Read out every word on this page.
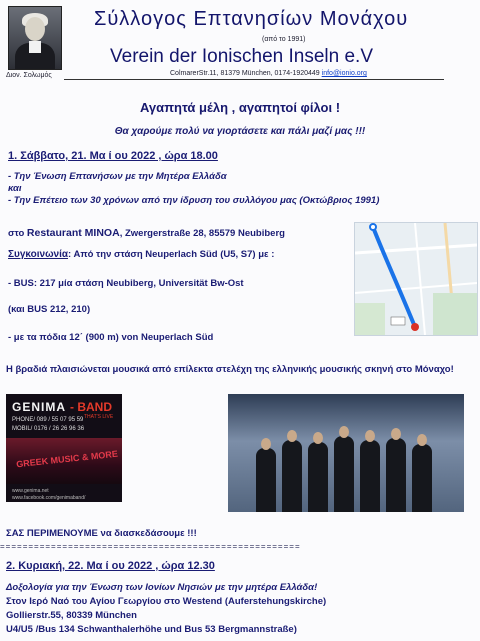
Διον. Σολωμός
Σύλλογος Επτανησίων Μονάχου
(από το 1991)
Verein der Ionischen Inseln e.V
ColmarerStr.11, 81379 München, 0174-1920449 info@ionio.org
Αγαπητά μέλη , αγαπητοί φίλοι !
Θα χαρούμε πολύ να γιορτάσετε και πάλι μαζί μας !!!
1. Σάββατο, 21. Μα ί ου 2022 , ώρα 18.00
- Την Ένωση Επτανήσων με την Μητέρα Ελλάδα
και
- Την Επέτειο των 30 χρόνων από την ίδρυση του συλλόγου μας (Οκτώβριος 1991)
στο Restaurant MINOA, Zwergerstraße 28, 85579 Neubiberg
Συγκοινωνία: Από την στάση Neuperlach Süd (U5, S7) με :
- BUS: 217 μία στάση Neubiberg, Universität Bw-Ost
(και BUS 212, 210)
- με τα πόδια 12΄ (900 m) von Neuperlach Süd
Η βραδιά πλαισιώνεται μουσικά από επίλεκτα στελέχη της ελληνικής μουσικής σκηνή στο Μόναχο!
GENIMA - BAND
THAT'S LIVE
PHONE/ 089 / 55 07 95 59
MOBIL/ 0176 / 26 26 96 36
GREEK MUSIC & MORE
www.genima.net
www.facebook.com/genimaband/
ΣΑΣ ΠΕΡΙΜΕΝΟΥΜΕ να διασκεδάσουμε !!!
=====================================================
2. Κυριακή, 22. Μα ί ου 2022 , ώρα 12.30
Δοξολογία για την Ένωση των Ιονίων Νησιών με την μητέρα Ελλάδα!
Στον Ιερό Ναό του Αγίου Γεωργίου στο Westend (Auferstehungskirche)
Gollierstr.55, 80339 München
U4/U5 /Bus 134 Schwanthalerhöhe und Bus 53 Bergmannstraße)
